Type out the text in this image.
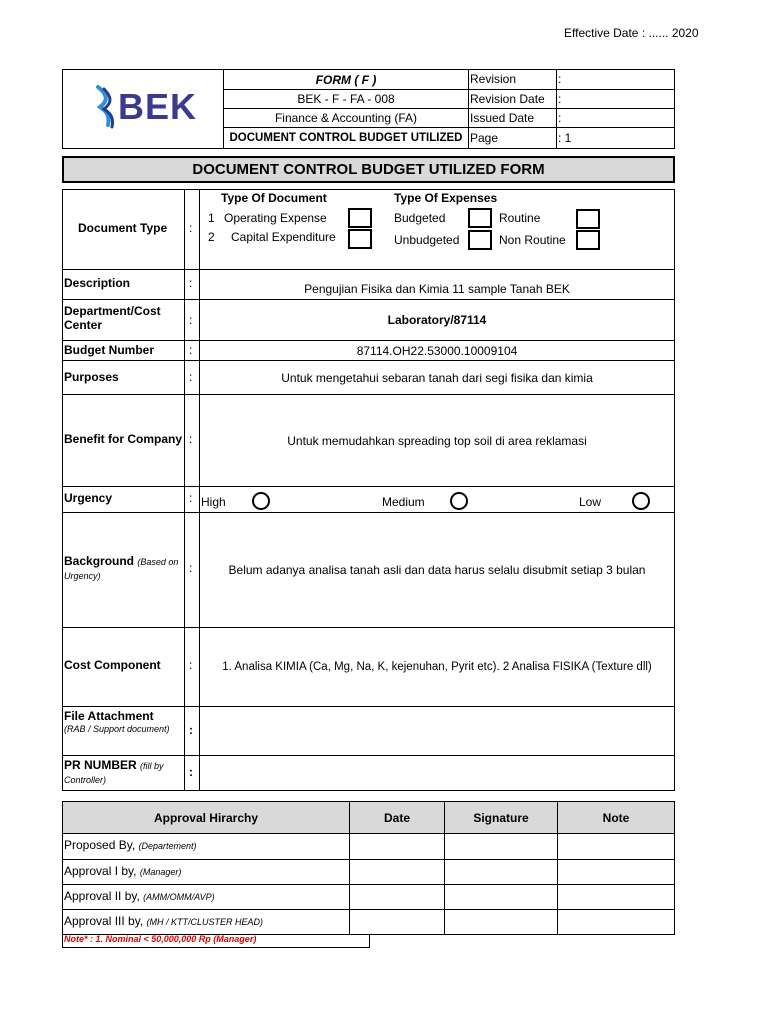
Effective Date : ...... 2020
BEK
FORM ( F )
BEK - F - FA - 008
Finance & Accounting (FA)
DOCUMENT CONTROL BUDGET UTILIZED
Revision	:
Revision Date :
Issued Date :
Page	: 1
DOCUMENT CONTROL BUDGET UTILIZED FORM
Document Type :
Type Of Document	Type Of Expenses
1 Operating Expense
2 Capital Expenditure
Budgeted
Unbudgeted
Routine
Non Routine
Description	:	Pengujian Fisika dan Kimia 11 sample Tanah BEK
Department/Cost Center	:	Laboratory/87114
Budget Number	:	87114.OH22.53000.10009104
Purposes	:	Untuk mengetahui sebaran tanah dari segi fisika dan kimia
Benefit for Company :	Untuk memudahkan spreading top soil di area reklamasi
Urgency	: High	Medium	Low
Background (Based on Urgency)
:	Belum adanya analisa tanah asli dan data harus selalu disubmit setiap 3 bulan
Cost Component :	1. Analisa KIMIA (Ca, Mg, Na, K, kejenuhan, Pyrit etc). 2 Analisa FISIKA (Texture dll)
File Attachment
(RAB / Support document)	:
PR NUMBER (fill by Controller)
:
Approval Hirarchy	Date	Signature	Note
Proposed By, (Departement)
Approval I by, (Manager)
Approval II by, (AMM/OMM/AVP)
Approval III by, (MH / KTT/CLUSTER HEAD)
Note* : 1. Nominal < 50,000,000 Rp (Manager)
